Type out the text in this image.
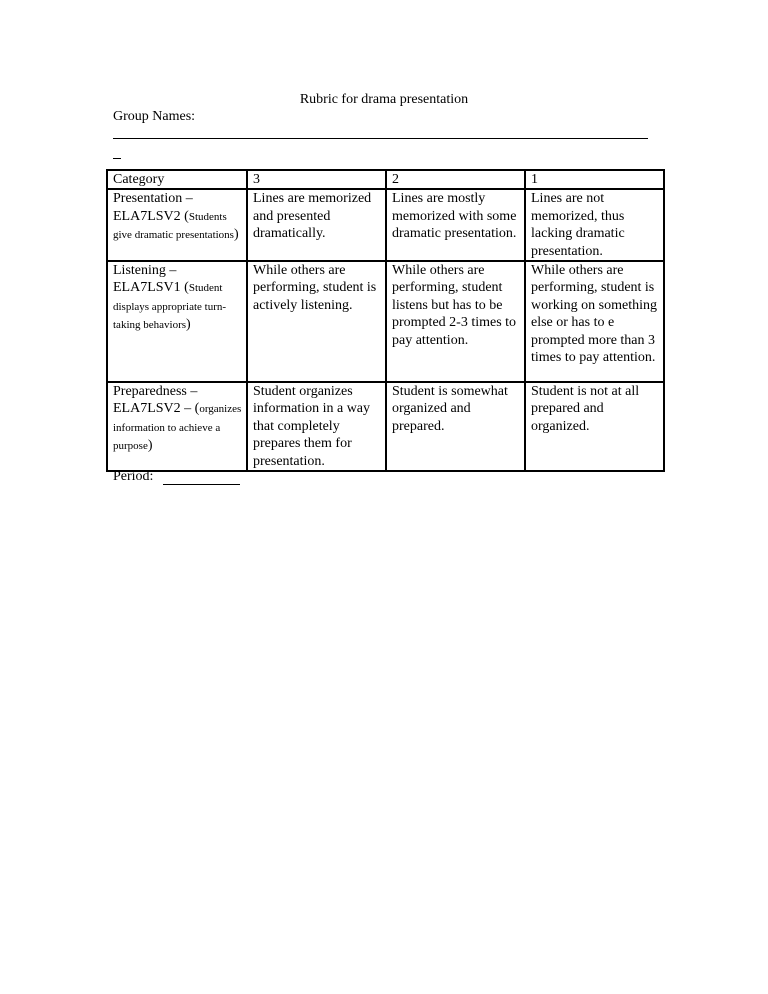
Rubric for drama presentation
Group Names:
Category	3	2	1
Presentation – ELA7LSV2 (Students give dramatic presentations)	Lines are memorized and presented dramatically.	Lines are mostly memorized with some dramatic presentation.	Lines are not memorized, thus lacking dramatic presentation.
Listening – ELA7LSV1 (Student displays appropriate turn-taking behaviors)	While others are performing, student is actively listening.	While others are performing, student listens but has to be prompted 2-3 times to pay attention.	While others are performing, student is working on something else or has to e prompted more than 3 times to pay attention.
Preparedness – ELA7LSV2 – (organizes information to achieve a purpose)	Student organizes information in a way that completely prepares them for presentation.	Student is somewhat organized and prepared.	Student is not at all prepared and organized.
Period:
